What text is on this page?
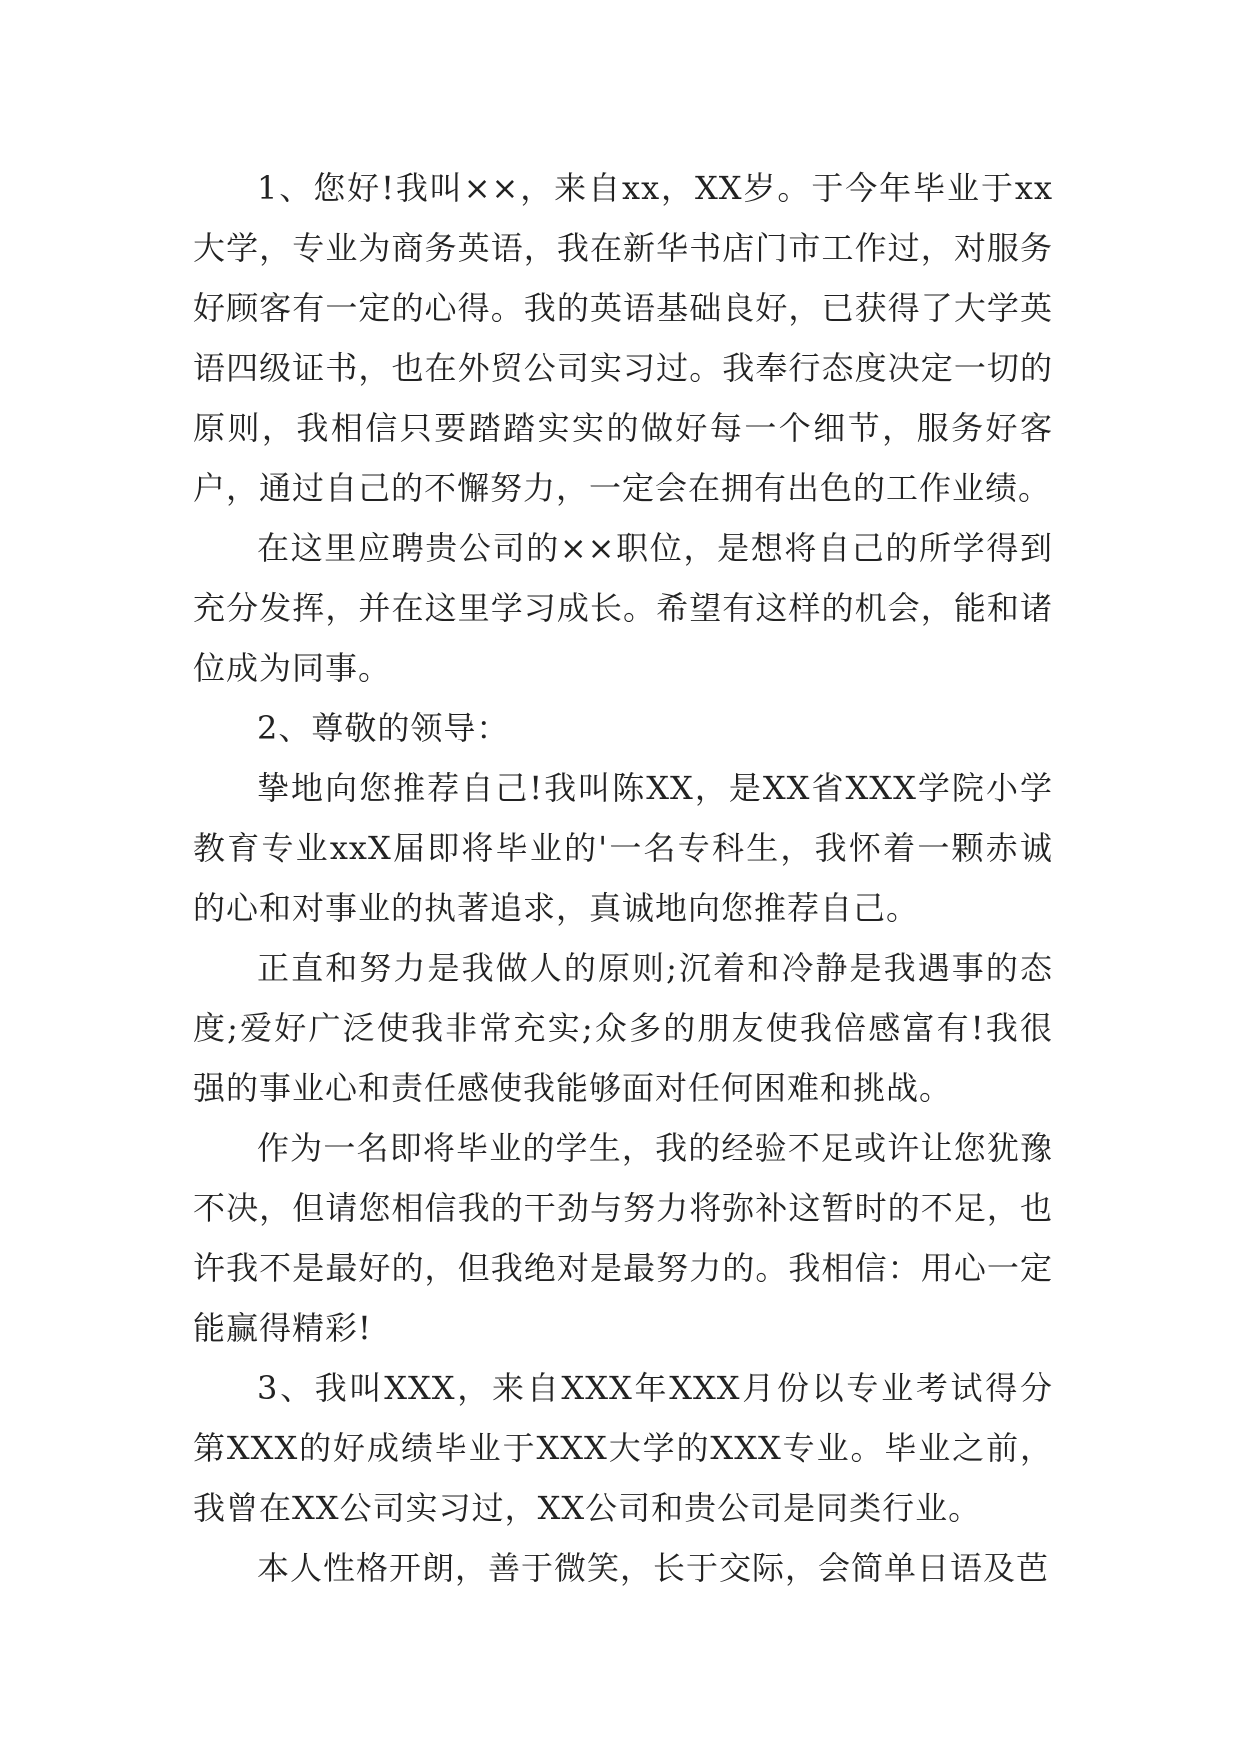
1、您好!我叫××，来自xx，XX岁。于今年毕业于xx大学，专业为商务英语，我在新华书店门市工作过，对服务好顾客有一定的心得。我的英语基础良好，已获得了大学英语四级证书，也在外贸公司实习过。我奉行态度决定一切的原则，我相信只要踏踏实实的做好每一个细节，服务好客户，通过自己的不懈努力，一定会在拥有出色的工作业绩。

在这里应聘贵公司的××职位，是想将自己的所学得到充分发挥，并在这里学习成长。希望有这样的机会，能和诸位成为同事。

2、尊敬的领导：

挚地向您推荐自己!我叫陈XX，是XX省XXX学院小学教育专业xxX届即将毕业的'一名专科生，我怀着一颗赤诚的心和对事业的执著追求，真诚地向您推荐自己。

正直和努力是我做人的原则;沉着和冷静是我遇事的态度;爱好广泛使我非常充实;众多的朋友使我倍感富有!我很强的事业心和责任感使我能够面对任何困难和挑战。

作为一名即将毕业的学生，我的经验不足或许让您犹豫不决，但请您相信我的干劲与努力将弥补这暂时的不足，也许我不是最好的，但我绝对是最努力的。我相信：用心一定能赢得精彩!

3、我叫XXX，来自XXX年XXX月份以专业考试得分第XXX的好成绩毕业于XXX大学的XXX专业。毕业之前，我曾在XX公司实习过，XX公司和贵公司是同类行业。

本人性格开朗，善于微笑，长于交际，会简单日语及芭
